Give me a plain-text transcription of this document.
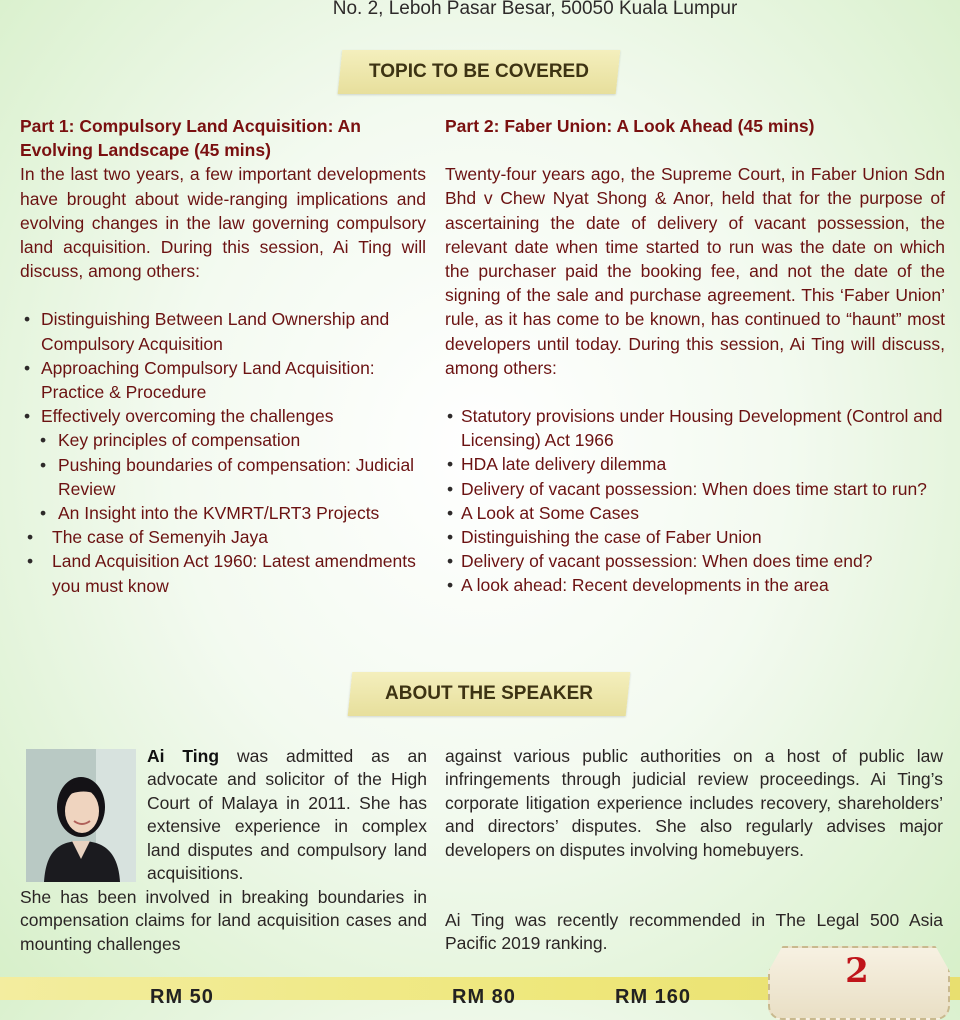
No. 2, Leboh Pasar Besar, 50050 Kuala Lumpur
TOPIC TO BE COVERED
Part 1: Compulsory Land Acquisition: An Evolving Landscape (45 mins)
In the last two years, a few important developments have brought about wide-ranging implications and evolving changes in the law governing compulsory land acquisition. During this session, Ai Ting will discuss, among others:
• Distinguishing Between Land Ownership and Compulsory Acquisition
• Approaching Compulsory Land Acquisition: Practice & Procedure
• Effectively overcoming the challenges
• Key principles of compensation
• Pushing boundaries of compensation: Judicial Review
• An Insight into the KVMRT/LRT3 Projects
• The case of Semenyih Jaya
• Land Acquisition Act 1960: Latest amendments you must know
Part 2: Faber Union: A Look Ahead (45 mins)
Twenty-four years ago, the Supreme Court, in Faber Union Sdn Bhd v Chew Nyat Shong & Anor, held that for the purpose of ascertaining the date of delivery of vacant possession, the relevant date when time started to run was the date on which the purchaser paid the booking fee, and not the date of the signing of the sale and purchase agreement. This ‘Faber Union’ rule, as it has come to be known, has continued to “haunt” most developers until today. During this session, Ai Ting will discuss, among others:
• Statutory provisions under Housing Development (Control and Licensing) Act 1966
• HDA late delivery dilemma
• Delivery of vacant possession: When does time start to run?
• A Look at Some Cases
• Distinguishing the case of Faber Union
• Delivery of vacant possession: When does time end?
• A look ahead: Recent developments in the area
ABOUT THE SPEAKER
Ai Ting was admitted as an advocate and solicitor of the High Court of Malaya in 2011. She has extensive experience in complex land disputes and compulsory land acquisitions.
She has been involved in breaking boundaries in compensation claims for land acquisition cases and mounting challenges
against various public authorities on a host of public law infringements through judicial review proceedings. Ai Ting’s corporate litigation experience includes recovery, shareholders’ and directors’ disputes. She also regularly advises major developers on disputes involving homebuyers.
Ai Ting was recently recommended in The Legal 500 Asia Pacific 2019 ranking.
RM 50	RM 80	RM 160
2
